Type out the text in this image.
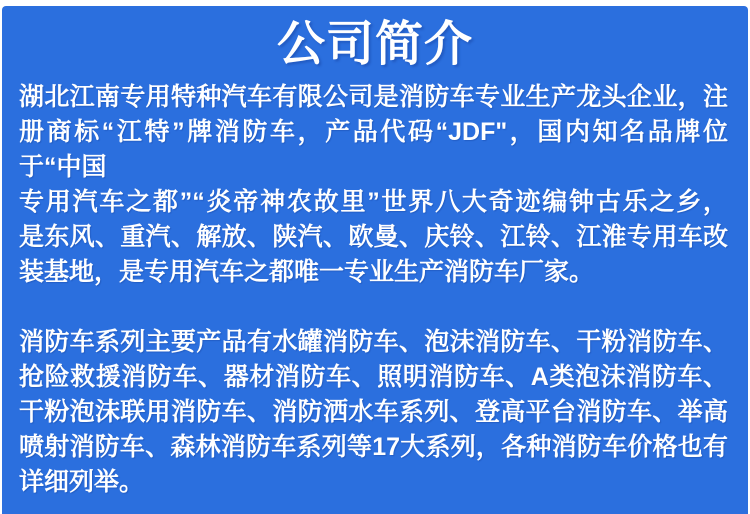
公司简介

湖北江南专用特种汽车有限公司是消防车专业生产龙头企业，注

册商标“江特”牌消防车，产品代码“JDF"，国内知名品牌位

于“中国

专用汽车之都”“炎帝神农故里”世界八大奇迹编钟古乐之乡，

是东风、重汽、解放、陕汽、欧曼、庆铃、江铃、江淮专用车改

装基地，是专用汽车之都唯一专业生产消防车厂家。

消防车系列主要产品有水罐消防车、泡沫消防车、干粉消防车、

抢险救援消防车、器材消防车、照明消防车、A类泡沫消防车、

干粉泡沫联用消防车、消防洒水车系列、登高平台消防车、举高

喷射消防车、森林消防车系列等17大系列，各种消防车价格也有

详细列举。
